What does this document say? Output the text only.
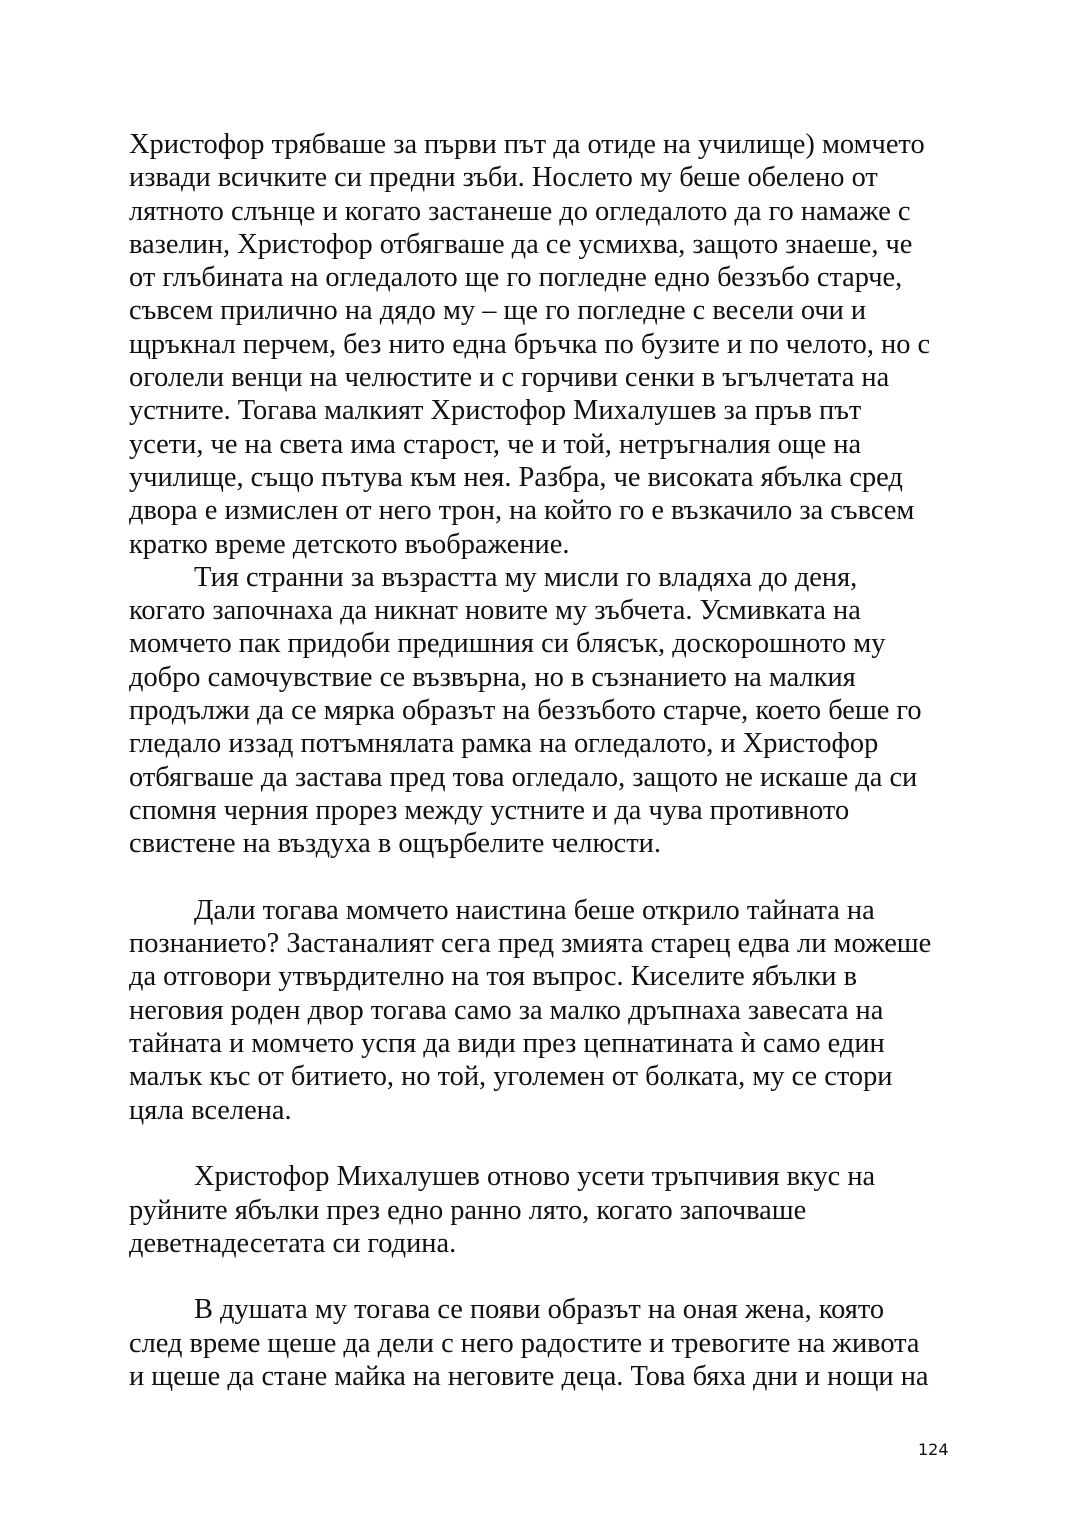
Христофор трябваше за първи път да отиде на училище) момчето
извади всичките си предни зъби. Нослето му беше обелено от
лятното слънце и когато застанеше до огледалото да го намаже с
вазелин, Христофор отбягваше да се усмихва, защото знаеше, че
от глъбината на огледалото ще го погледне едно беззъбо старче,
съвсем прилично на дядо му – ще го погледне с весели очи и
щръкнал перчем, без нито една бръчка по бузите и по челото, но с
оголели венци на челюстите и с горчиви сенки в ъгълчетата на
устните. Тогава малкият Христофор Михалушев за пръв път
усети, че на света има старост, че и той, нетръгналия още на
училище, също пътува към нея. Разбра, че високата ябълка сред
двора е измислен от него трон, на който го е възкачило за съвсем
кратко време детското въображение.
Тия странни за възрастта му мисли го владяха до деня,
когато започнаха да никнат новите му зъбчета. Усмивката на
момчето пак придоби предишния си блясък, доскорошното му
добро самочувствие се възвърна, но в съзнанието на малкия
продължи да се мярка образът на беззъбото старче, което беше го
гледало иззад потъмнялата рамка на огледалото, и Христофор
отбягваше да застава пред това огледало, защото не искаше да си
спомня черния прорез между устните и да чува противното
свистене на въздуха в ощърбелите челюсти.
Дали тогава момчето наистина беше открило тайната на
познанието? Застаналият сега пред змията старец едва ли можеше
да отговори утвърдително на тоя въпрос. Киселите ябълки в
неговия роден двор тогава само за малко дръпнаха завесата на
тайната и момчето успя да види през цепнатината ѝ само един
малък къс от битието, но той, уголемен от болката, му се стори
цяла вселена.
Христофор Михалушев отново усети тръпчивия вкус на
руйните ябълки през едно ранно лято, когато започваше
деветнадесетата си година.
В душата му тогава се появи образът на оная жена, която
след време щеше да дели с него радостите и тревогите на живота
и щеше да стане майка на неговите деца. Това бяха дни и нощи на
124
